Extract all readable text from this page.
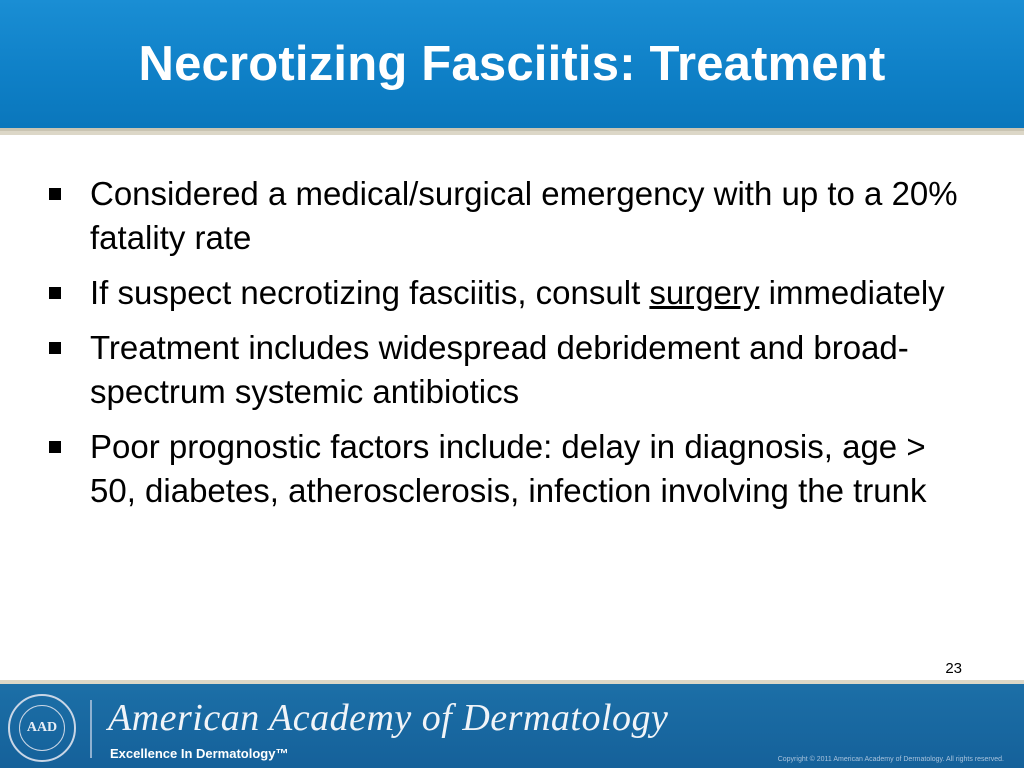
Necrotizing Fasciitis: Treatment
Considered a medical/surgical emergency with up to a 20% fatality rate
If suspect necrotizing fasciitis, consult surgery immediately
Treatment includes widespread debridement and broad-spectrum systemic antibiotics
Poor prognostic factors include: delay in diagnosis, age > 50, diabetes, atherosclerosis, infection involving the trunk
23
AAD American Academy of Dermatology
Excellence In Dermatology™	Copyright © 2011 American Academy of Dermatology. All rights reserved.
